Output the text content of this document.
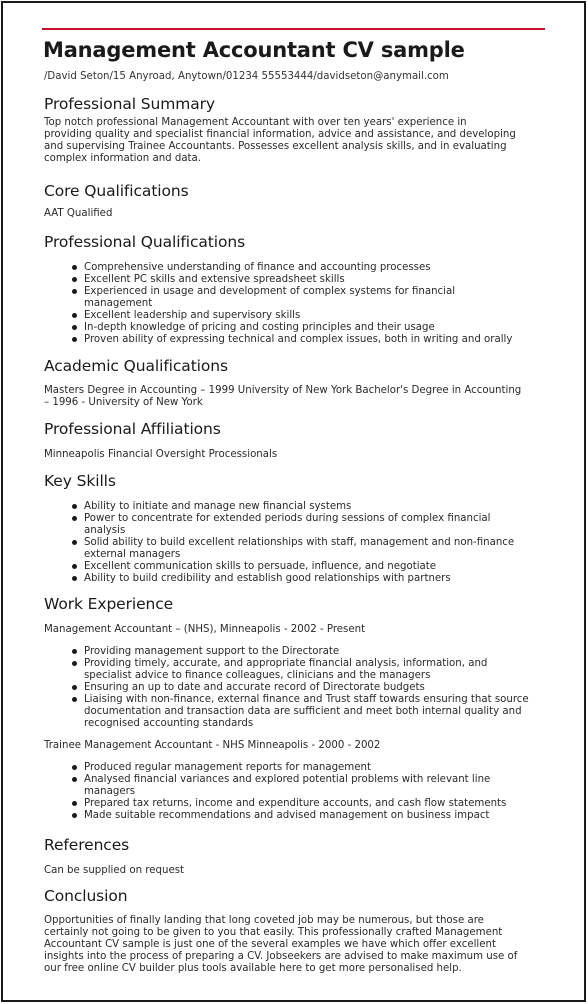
Management Accountant CV sample
/David Seton/15 Anyroad, Anytown/01234 55553444/davidseton@anymail.com
Professional Summary

Top notch professional Management Accountant with over ten years' experience in

providing quality and specialist financial information, advice and assistance, and developing

and supervising Trainee Accountants. Possesses excellent analysis skills, and in evaluating

complex information and data.

Core Qualifications

AAT Qualified

Professional Qualifications
Comprehensive understanding of finance and accounting processes
Excellent PC skills and extensive spreadsheet skills
Experienced in usage and development of complex systems for financial management
Excellent leadership and supervisory skills
In-depth knowledge of pricing and costing principles and their usage
Proven ability of expressing technical and complex issues, both in writing and orally
Academic Qualifications

Masters Degree in Accounting – 1999 University of New York Bachelor's Degree in Accounting

– 1996 - University of New York

Professional Affiliations

Minneapolis Financial Oversight Processionals

Key Skills
Ability to initiate and manage new financial systems
Power to concentrate for extended periods during sessions of complex financial analysis
Solid ability to build excellent relationships with staff, management and non-finance external managers
Excellent communication skills to persuade, influence, and negotiate
Ability to build credibility and establish good relationships with partners
Work Experience

Management Accountant – (NHS), Minneapolis - 2002 - Present

Providing management support to the Directorate
Providing timely, accurate, and appropriate financial analysis, information, and specialist advice to finance colleagues, clinicians and the managers
Ensuring an up to date and accurate record of Directorate budgets
Liaising with non-finance, external finance and Trust staff towards ensuring that source documentation and transaction data are sufficient and meet both internal quality and recognised accounting standards

Trainee Management Accountant - NHS Minneapolis - 2000 - 2002

Produced regular management reports for management
Analysed financial variances and explored potential problems with relevant line managers
Prepared tax returns, income and expenditure accounts, and cash flow statements
Made suitable recommendations and advised management on business impact
References

Can be supplied on request

Conclusion

Opportunities of finally landing that long coveted job may be numerous, but those are

certainly not going to be given to you that easily. This professionally crafted Management

Accountant CV sample is just one of the several examples we have which offer excellent

insights into the process of preparing a CV. Jobseekers are advised to make maximum use of

our free online CV builder plus tools available here to get more personalised help.
